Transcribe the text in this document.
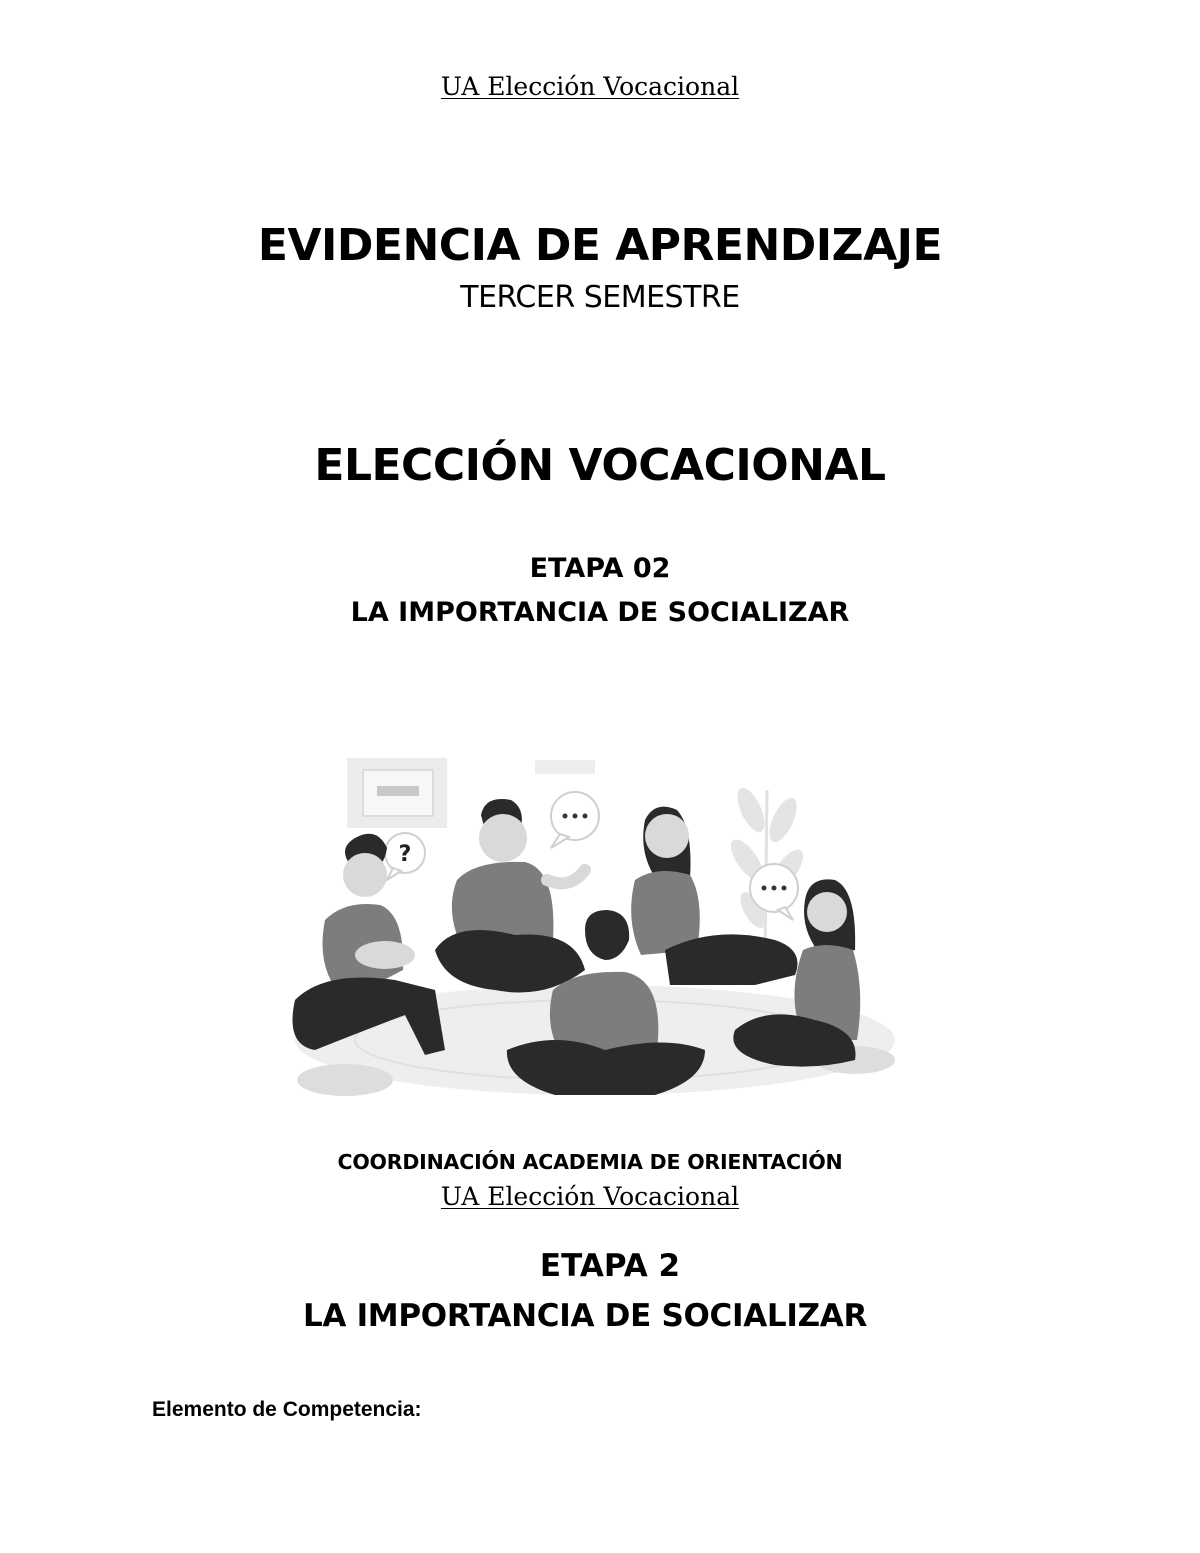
UA Elección Vocacional
EVIDENCIA DE APRENDIZAJE
TERCER SEMESTRE
ELECCIÓN VOCACIONAL
ETAPA 02
LA IMPORTANCIA DE SOCIALIZAR
?
COORDINACIÓN ACADEMIA DE ORIENTACIÓN
UA Elección Vocacional
ETAPA 2
LA IMPORTANCIA DE SOCIALIZAR
Elemento de Competencia:
